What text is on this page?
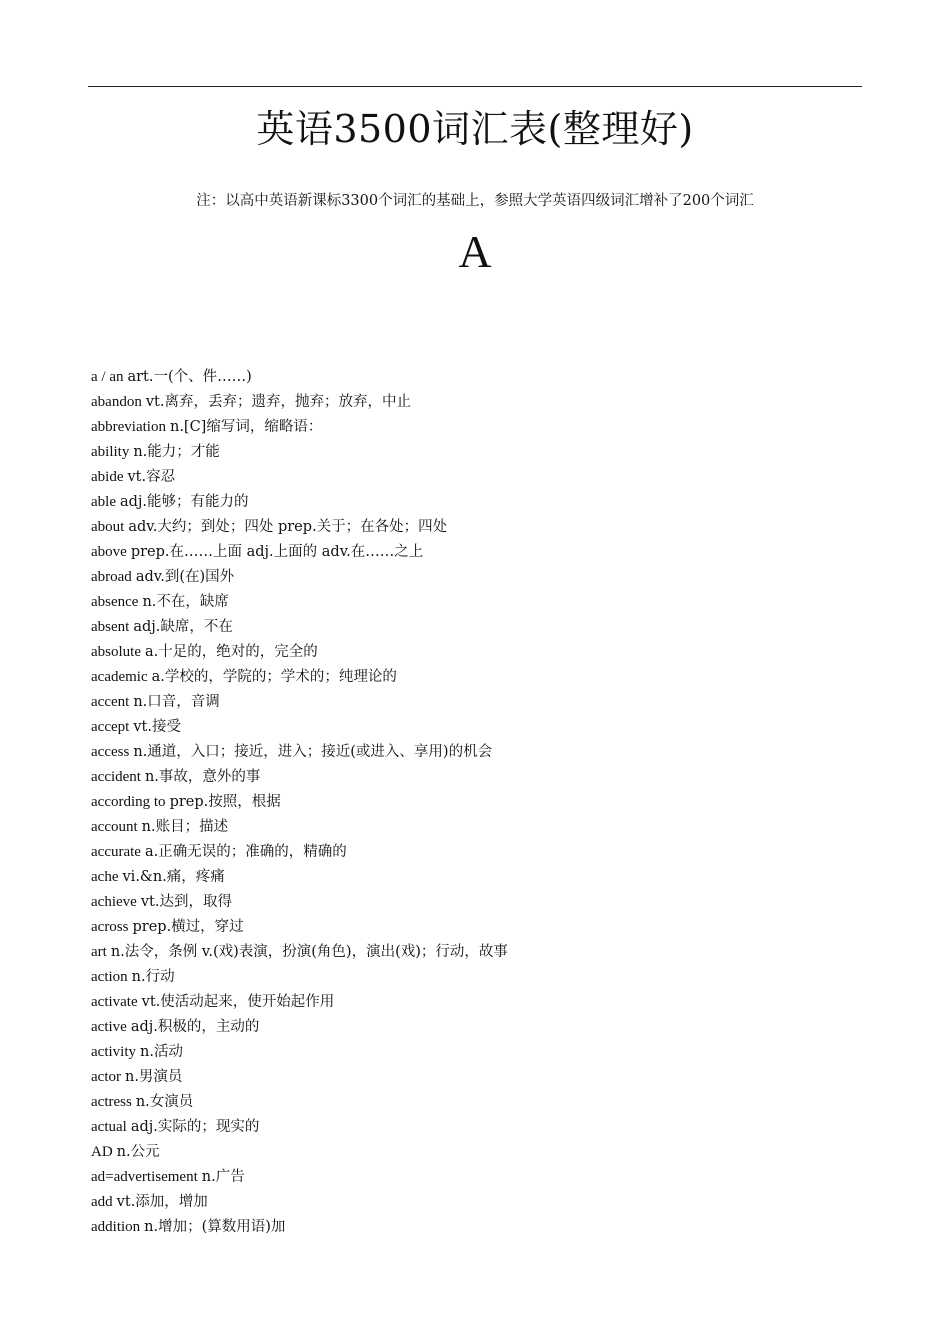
英语3500词汇表(整理好)
注：以高中英语新课标3300个词汇的基础上，参照大学英语四级词汇增补了200个词汇
A
a / an art.一(个、件……)
abandon vt.离弃，丢弃；遗弃，抛弃；放弃，中止
abbreviation n.[C]缩写词，缩略语：
ability n.能力；才能
abide vt.容忍
able adj.能够；有能力的
about adv.大约；到处；四处 prep.关于；在各处；四处
above prep.在……上面 adj.上面的 adv.在……之上
abroad adv.到(在)国外
absence n.不在，缺席
absent adj.缺席，不在
absolute a.十足的，绝对的，完全的
academic a.学校的，学院的；学术的；纯理论的
accent n.口音，音调
accept vt.接受
access n.通道，入口；接近，进入；接近(或进入、享用)的机会
accident n.事故，意外的事
according to prep.按照，根据
account n.账目；描述
accurate a.正确无误的；准确的，精确的
ache vi.&n.痛，疼痛
achieve vt.达到，取得
across prep.横过，穿过
art n.法令，条例 v.(戏)表演，扮演(角色)，演出(戏)；行动，故事
action n.行动
activate vt.使活动起来，使开始起作用
active adj.积极的，主动的
activity n.活动
actor n.男演员
actress n.女演员
actual adj.实际的；现实的
AD n.公元
ad=advertisement n.广告
add vt.添加，增加
addition n.增加；(算数用语)加
